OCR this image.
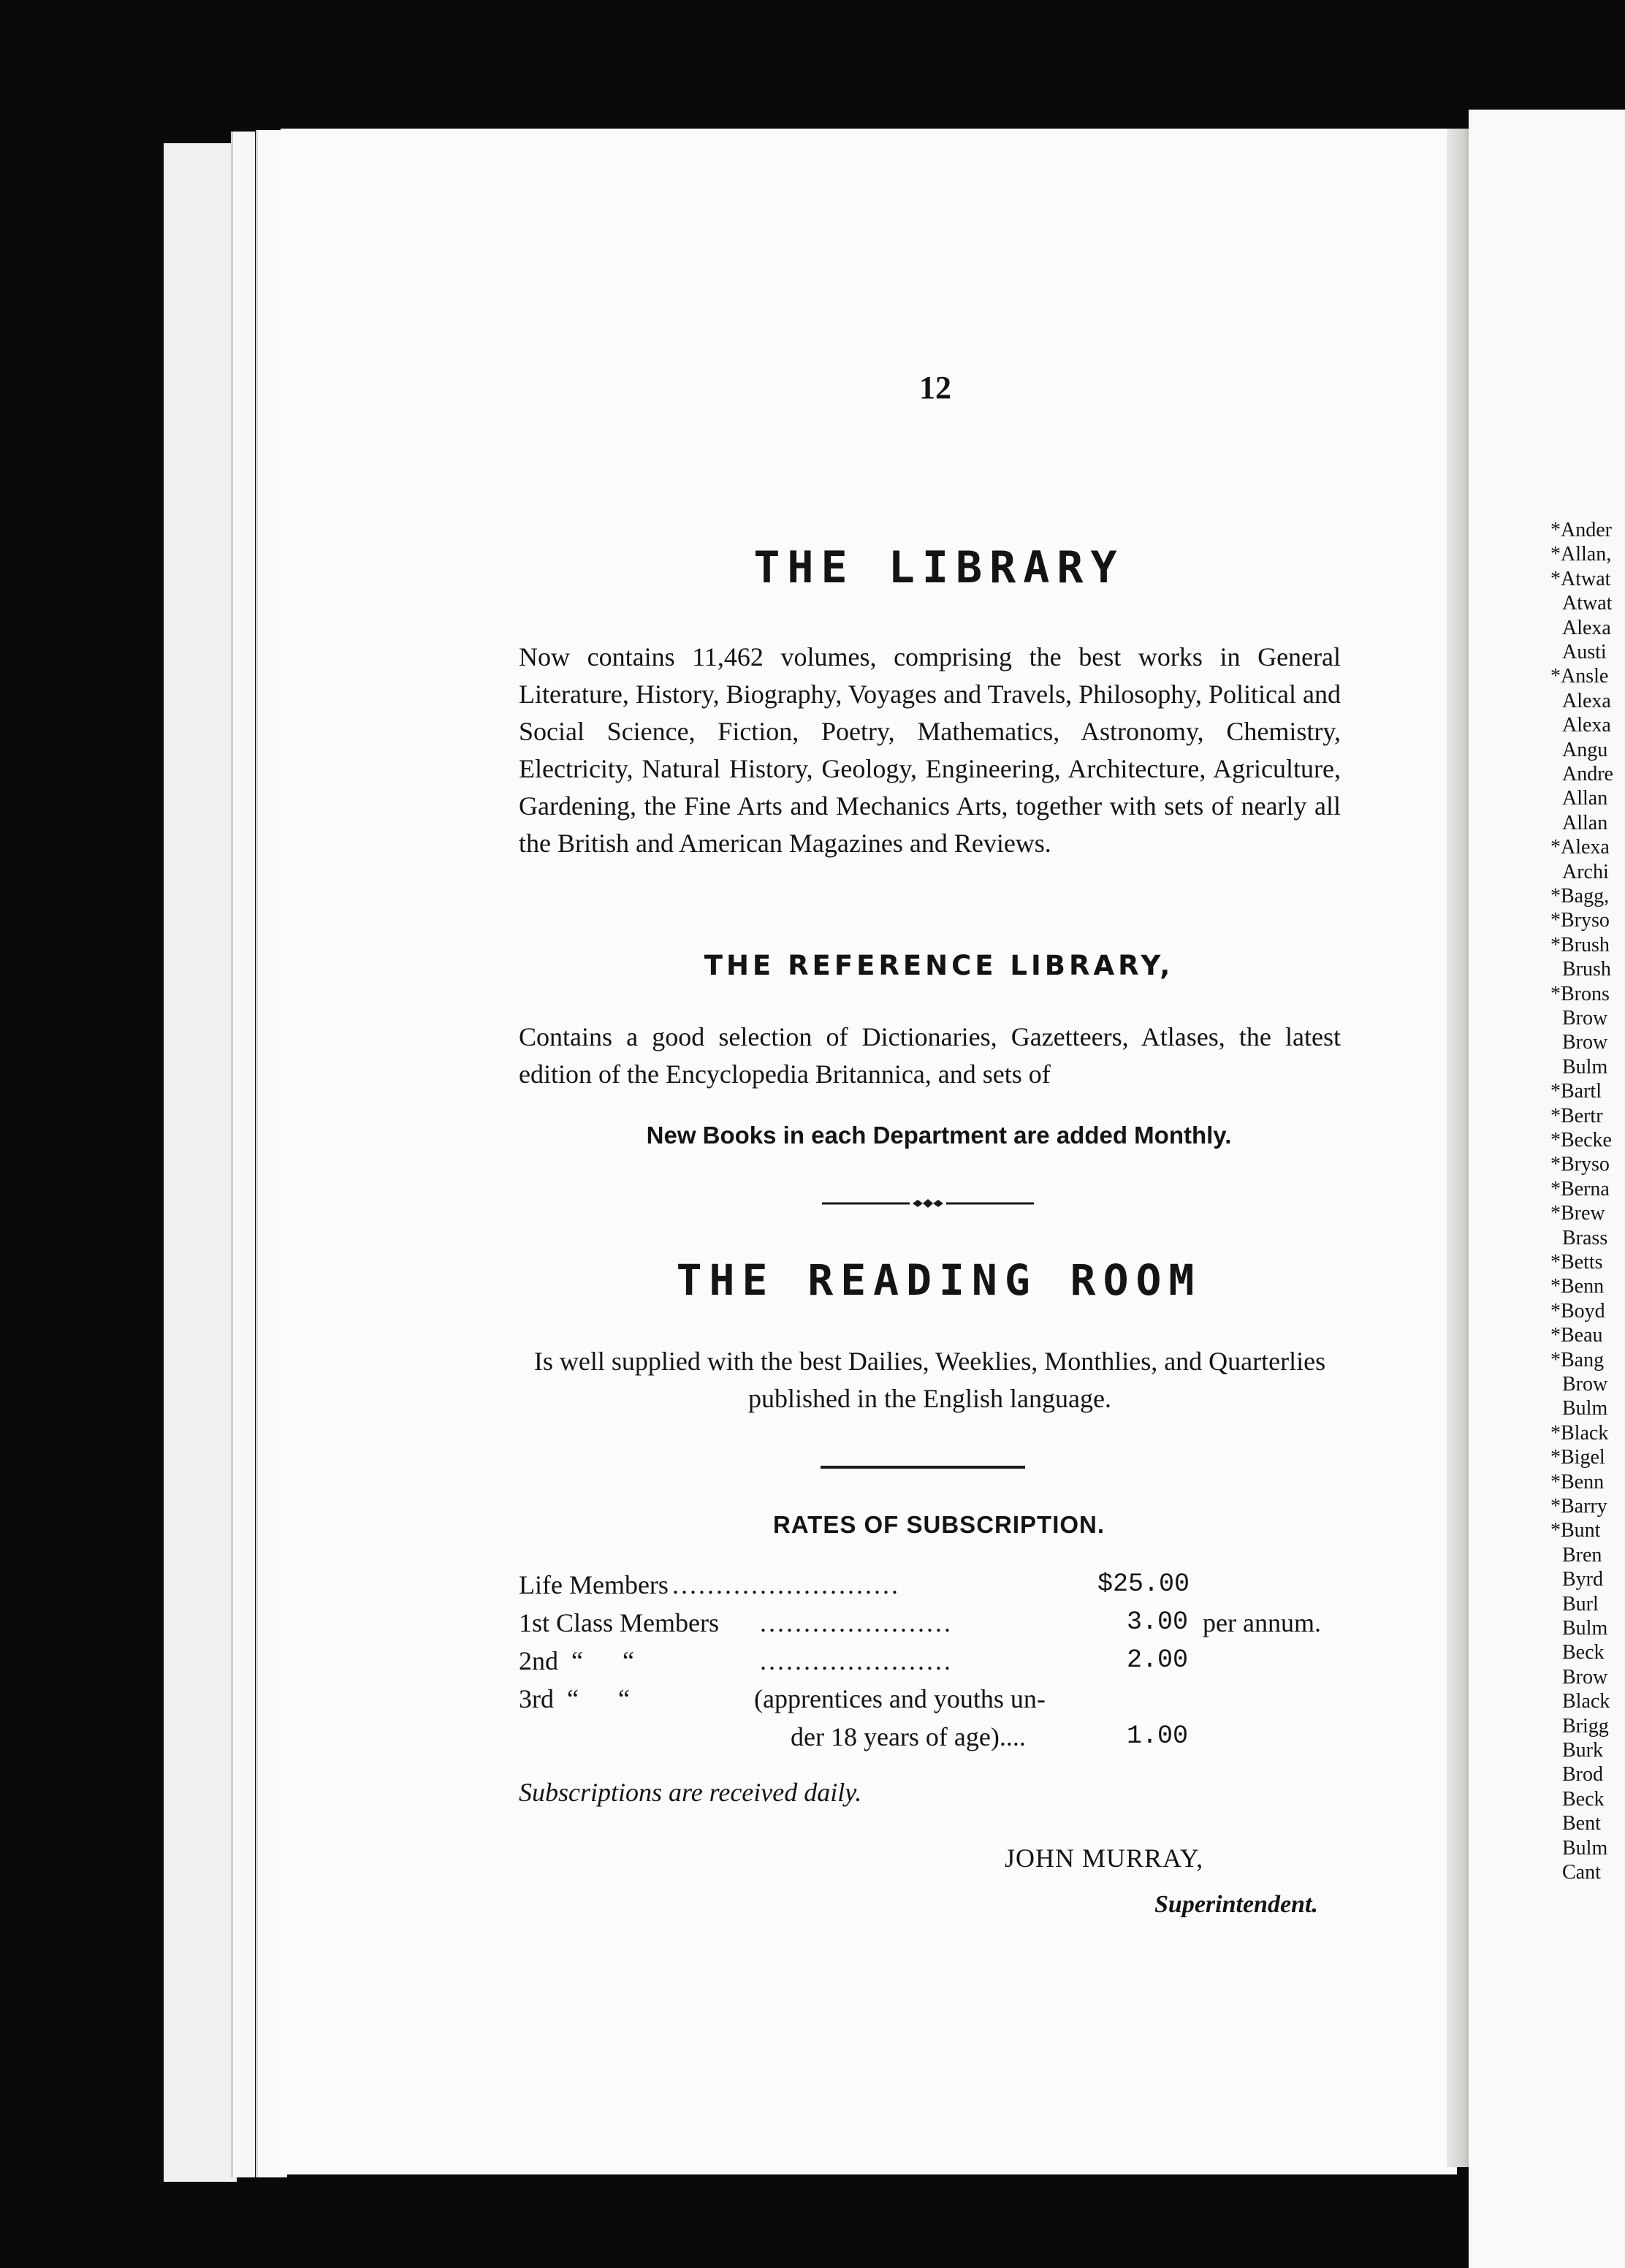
*Ander
*Allan,
*Atwat
Atwat
Alexa
Austi
*Ansle
Alexa
Alexa
Angu
Andre
Allan
Allan
*Alexa
Archi
*Bagg,
*Bryso
*Brush
Brush
*Brons
Brow
Brow
Bulm
*Bartl
*Bertr
*Becke
*Bryso
*Berna
*Brew
Brass
*Betts
*Benn
*Boyd
*Beau
*Bang
Brow
Bulm
*Black
*Bigel
*Benn
*Barry
*Bunt
Bren
Byrd
Burl
Bulm
Beck
Brow
Black
Brigg
Burk
Brod
Beck
Bent
Bulm
Cant
12
THE LIBRARY
Now contains 11,462 volumes, comprising the best works in General Literature, History, Biography, Voyages and Travels, Philosophy, Political and Social Science, Fiction, Poetry, Mathematics, Astronomy, Chemistry, Electricity, Natural History, Geology, Engineering, Architecture, Agriculture, Gardening, the Fine Arts and Mechanics Arts, together with sets of nearly all the British and American Magazines and Reviews.
THE REFERENCE LIBRARY,
Contains a good selection of Dictionaries, Gazetteers, Atlases, the latest edition of the Encyclopedia Britannica, and sets of
New Books in each Department are added Monthly.
THE READING ROOM
Is well supplied with the best Dailies, Weeklies, Monthlies, and Quarterlies published in the English language.
RATES OF SUBSCRIPTION.
Life Members ..........................	$25.00
1st Class Members ......................	3.00 per annum.
2nd  “      “	......................	2.00
3rd  “      “	(apprentices and youths un-
der 18 years of age)....	1.00
Subscriptions are received daily.
JOHN MURRAY,
Superintendent.
